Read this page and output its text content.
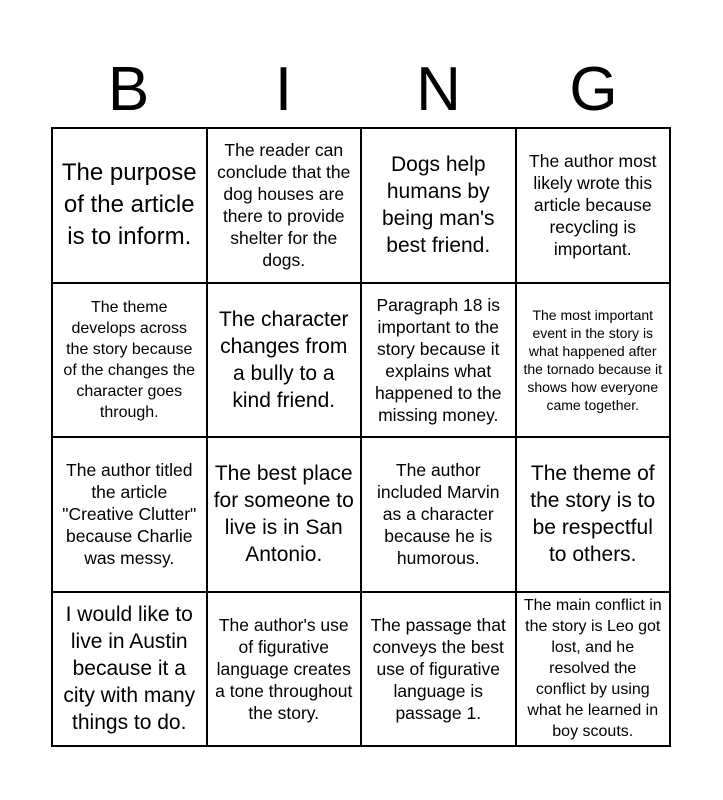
B	I	N	G
The purpose of the article is to inform.
The reader can conclude that the dog houses are there to provide shelter for the dogs.
Dogs help humans by being man's best friend.
The author most likely wrote this article because recycling is important.
The theme develops across the story because of the changes the character goes through.
The character changes from a bully to a kind friend.
Paragraph 18 is important to the story because it explains what happened to the missing money.
The most important event in the story is what happened after the tornado because it shows how everyone came together.
The author titled the article "Creative Clutter" because Charlie was messy.
The best place for someone to live is in San Antonio.
The author included Marvin as a character because he is humorous.
The theme of the story is to be respectful to others.
I would like to live in Austin because it a city with many things to do.
The author's use of figurative language creates a tone throughout the story.
The passage that conveys the best use of figurative language is passage 1.
The main conflict in the story is Leo got lost, and he resolved the conflict by using what he learned in boy scouts.
